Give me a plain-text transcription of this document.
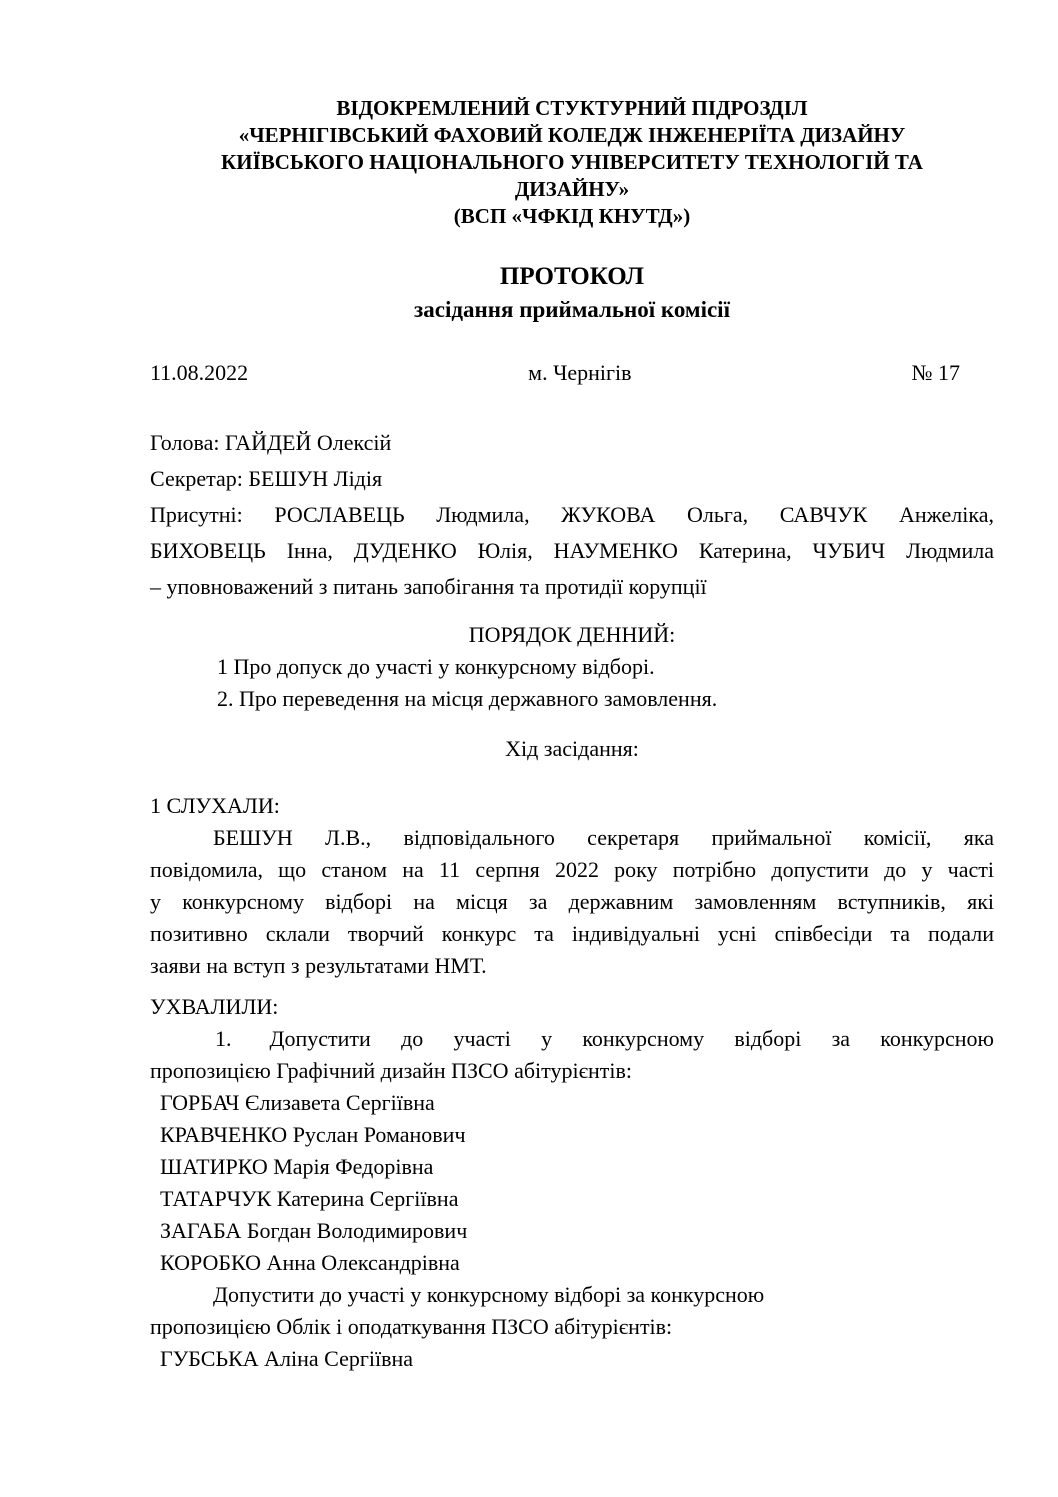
ВІДОКРЕМЛЕНИЙ СТУКТУРНИЙ ПІДРОЗДІЛ
«ЧЕРНІГІВСЬКИЙ ФАХОВИЙ КОЛЕДЖ ІНЖЕНЕРІЇТА ДИЗАЙНУ
КИЇВСЬКОГО НАЦІОНАЛЬНОГО УНІВЕРСИТЕТУ ТЕХНОЛОГІЙ ТА
ДИЗАЙНУ»
(ВСП «ЧФКІД КНУТД»)
ПРОТОКОЛ
засідання приймальної комісії
11.08.2022	м. Чернігів	№ 17
Голова: ГАЙДЕЙ Олексій
Секретар: БЕШУН Лідія
Присутні: РОСЛАВЕЦЬ Людмила, ЖУКОВА Ольга, САВЧУК Анжеліка,
БИХОВЕЦЬ Інна, ДУДЕНКО Юлія, НАУМЕНКО Катерина, ЧУБИЧ Людмила
– уповноважений з питань запобігання та протидії корупції
ПОРЯДОК ДЕННИЙ:
1 Про допуск до участі у конкурсному відборі.
2. Про переведення на місця державного замовлення.
Хід засідання:
1 СЛУХАЛИ:
БЕШУН Л.В., відповідального секретаря приймальної комісії, яка
повідомила, що станом на 11 серпня 2022 року потрібно допустити до у часті
у конкурсному відборі на місця за державним замовленням вступників, які
позитивно склали творчий конкурс та індивідуальні усні співбесіди та подали
заяви на вступ з результатами НМТ.
УХВАЛИЛИ:
1. Допустити до участі у конкурсному відборі за конкурсною
пропозицією Графічний дизайн ПЗСО абітурієнтів:
ГОРБАЧ Єлизавета Сергіївна
КРАВЧЕНКО Руслан Романович
ШАТИРКО Марія Федорівна
ТАТАРЧУК Катерина Сергіївна
ЗАГАБА Богдан Володимирович
КОРОБКО Анна Олександрівна
Допустити до участі у конкурсному відборі за конкурсною
пропозицією Облік і оподаткування ПЗСО абітурієнтів:
ГУБСЬКА Аліна Сергіївна
